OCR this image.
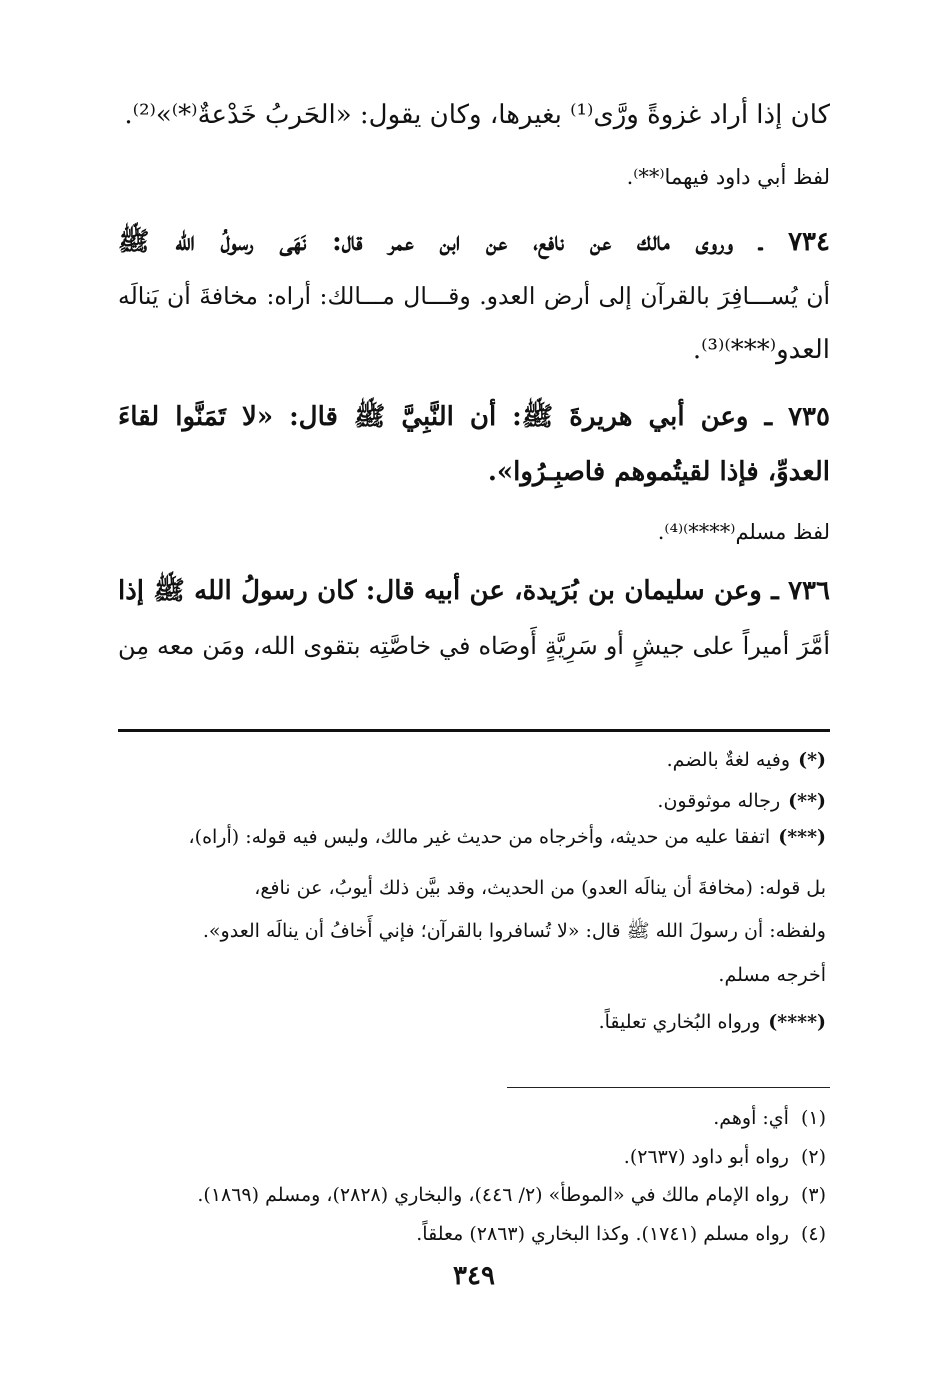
كان إذا أراد غزوةً ورَّى⁽¹⁾ بغيرها، وكان يقول: «الحَربُ خَدْعةٌ⁽*⁾»⁽²⁾.
لفظ أبي داود فيهما⁽**⁾.
٧٣٤ ـ وروى مالك عن نافع، عن ابن عمر قال: نَهَى رسولُ الله ﷺ
أن يُســـافِرَ بالقرآن إلى أرض العدو. وقـــال مـــالك: أراه: مخافةَ أن يَنالَه
العدو⁽***⁾⁽³⁾.
٧٣٥ ـ وعن أبي هريرةَ ﷺ: أن النَّبِيَّ ﷺ قال: «لا تَمَنَّوا لقاءَ
العدوِّ، فإذا لقيتُموهم فاصبِـرُوا».
لفظ مسلم⁽****⁾⁽⁴⁾.
٧٣٦ ـ وعن سليمان بن بُرَيدة، عن أبيه قال: كان رسولُ الله ﷺ إذا
أمَّرَ أميراً على جيشٍ أو سَرِيَّةٍ أَوصَاه في خاصَّتِه بتقوى الله، ومَن معه مِن
(*)وفيه لغةٌ بالضم.
(**)رجاله موثوقون.
(***)اتفقا عليه من حديثه، وأخرجاه من حديث غير مالك، وليس فيه قوله: (أراه)،
بل قوله: (مخافةَ أن ينالَه العدو) من الحديث، وقد بيَّن ذلك أيوبُ، عن نافع،
ولفظه: أن رسولَ الله ﷺ قال: «لا تُسافروا بالقرآن؛ فإني أَخافُ أن ينالَه العدو».
أخرجه مسلم.
(****)ورواه البُخاري تعليقاً.
(١)أي: أوهم.
(٢)رواه أبو داود (٢٦٣٧).
(٣)رواه الإمام مالك في «الموطأ» (٢/ ٤٤٦)، والبخاري (٢٨٢٨)، ومسلم (١٨٦٩).
(٤)رواه مسلم (١٧٤١). وكذا البخاري (٢٨٦٣) معلقاً.
٣٤٩
